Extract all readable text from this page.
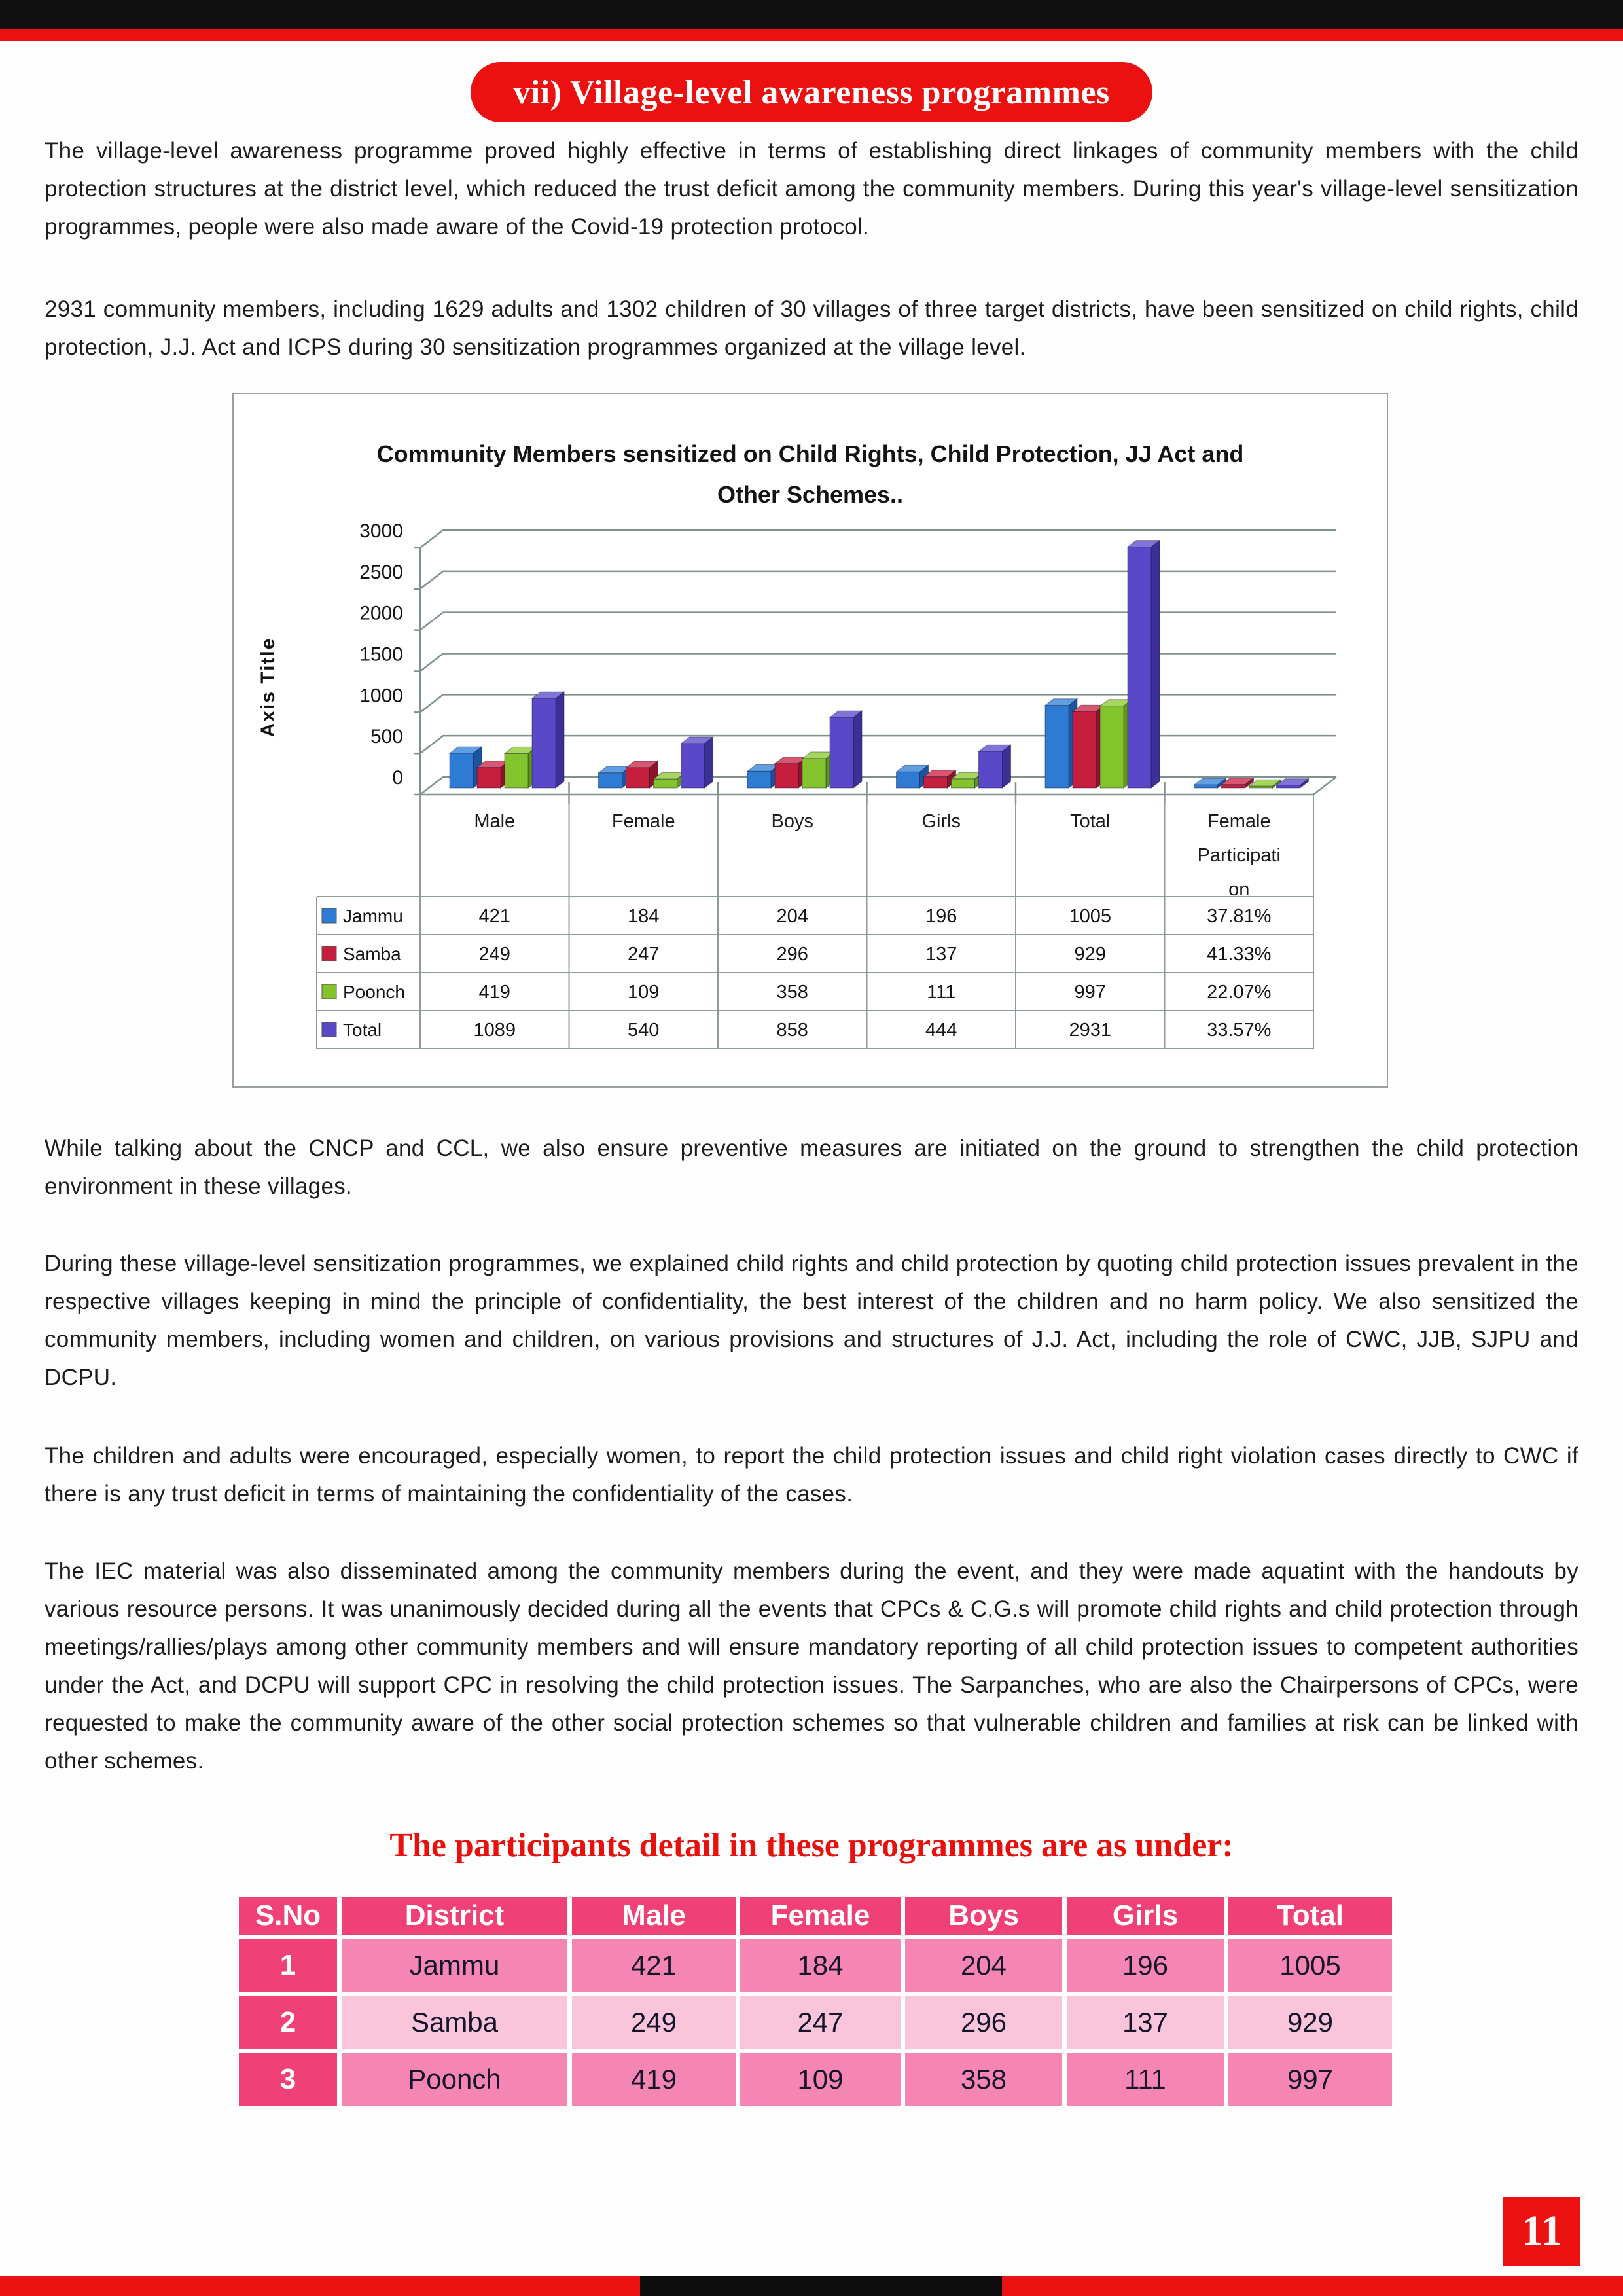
vii) Village-level awareness programmes

The village-level awareness programme proved highly effective in terms of establishing direct linkages of community members with the child protection structures at the district level, which reduced the trust deficit among the community members. During this year's village-level sensitization programmes, people were also made aware of the Covid-19 protection protocol.

2931 community members, including 1629 adults and 1302 children of 30 villages of three target districts, have been sensitized on child rights, child protection, J.J. Act and ICPS during 30 sensitization programmes organized at the village level.

Community Members sensitized on Child Rights, Child Protection, JJ Act and
Other Schemes..
0
500
1000
1500
2000
2500
3000
Axis Title
Male	Female	Boys	Girls	Total	Female
Participati
on
Jammu	421	184	204	196	1005	37.81%
Samba	249	247	296	137	929	41.33%
Poonch	419	109	358	111	997	22.07%
Total	1089	540	858	444	2931	33.57%

While talking about the CNCP and CCL, we also ensure preventive measures are initiated on the ground to strengthen the child protection environment in these villages.

During these village-level sensitization programmes, we explained child rights and child protection by quoting child protection issues prevalent in the respective villages keeping in mind the principle of confidentiality, the best interest of the children and no harm policy. We also sensitized the community members, including women and children, on various provisions and structures of J.J. Act, including the role of CWC, JJB, SJPU and DCPU.

The children and adults were encouraged, especially women, to report the child protection issues and child right violation cases directly to CWC if there is any trust deficit in terms of maintaining the confidentiality of the cases.

The IEC material was also disseminated among the community members during the event, and they were made aquatint with the handouts by various resource persons. It was unanimously decided during all the events that CPCs & C.G.s will promote child rights and child protection through meetings/rallies/plays among other community members and will ensure mandatory reporting of all child protection issues to competent authorities under the Act, and DCPU will support CPC in resolving the child protection issues. The Sarpanches, who are also the Chairpersons of CPCs, were requested to make the community aware of the other social protection schemes so that vulnerable children and families at risk can be linked with other schemes.

The participants detail in these programmes are as under:
S.No	District	Male	Female	Boys	Girls	Total
1	Jammu	421	184	204	196	1005
2	Samba	249	247	296	137	929
3	Poonch	419	109	358	111	997
11
